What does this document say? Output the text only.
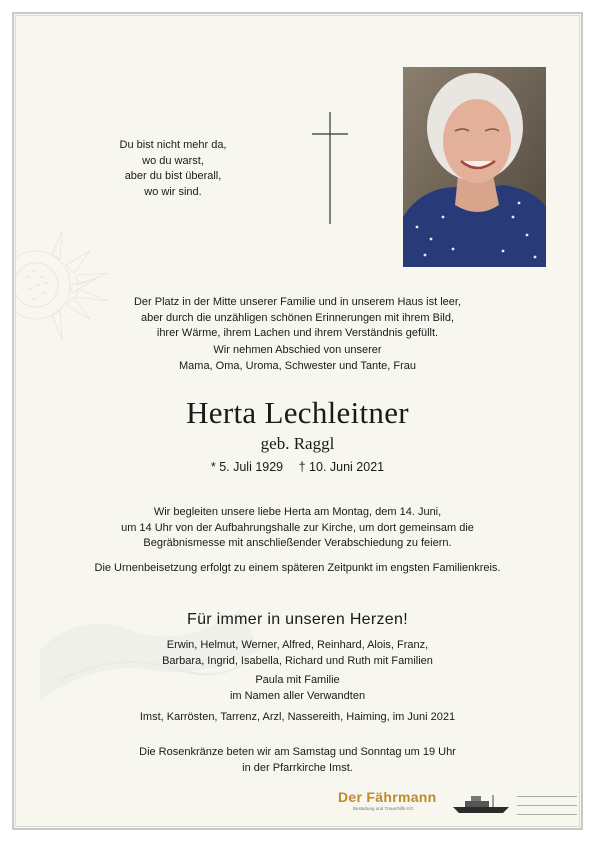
Du bist nicht mehr da,
wo du warst,
aber du bist überall,
wo wir sind.
Der Platz in der Mitte unserer Familie und in unserem Haus ist leer,
aber durch die unzähligen schönen Erinnerungen mit ihrem Bild,
ihrer Wärme, ihrem Lachen und ihrem Verständnis gefüllt.
Wir nehmen Abschied von unserer
Mama, Oma, Uroma, Schwester und Tante, Frau
Herta Lechleitner
geb. Raggl
* 5. Juli 1929 † 10. Juni 2021
Wir begleiten unsere liebe Herta am Montag, dem 14. Juni,
um 14 Uhr von der Aufbahrungshalle zur Kirche, um dort gemeinsam die
Begräbnismesse mit anschließender Verabschiedung zu feiern.
Die Urnenbeisetzung erfolgt zu einem späteren Zeitpunkt im engsten Familienkreis.
Für immer in unseren Herzen!
Erwin, Helmut, Werner, Alfred, Reinhard, Alois, Franz,
Barbara, Ingrid, Isabella, Richard und Ruth mit Familien
Paula mit Familie
im Namen aller Verwandten
Imst, Karrösten, Tarrenz, Arzl, Nassereith, Haiming, im Juni 2021
Die Rosenkränze beten wir am Samstag und Sonntag um 19 Uhr
in der Pfarrkirche Imst.
Der Fährmann
Bestattung und Trauerhilfe KG
